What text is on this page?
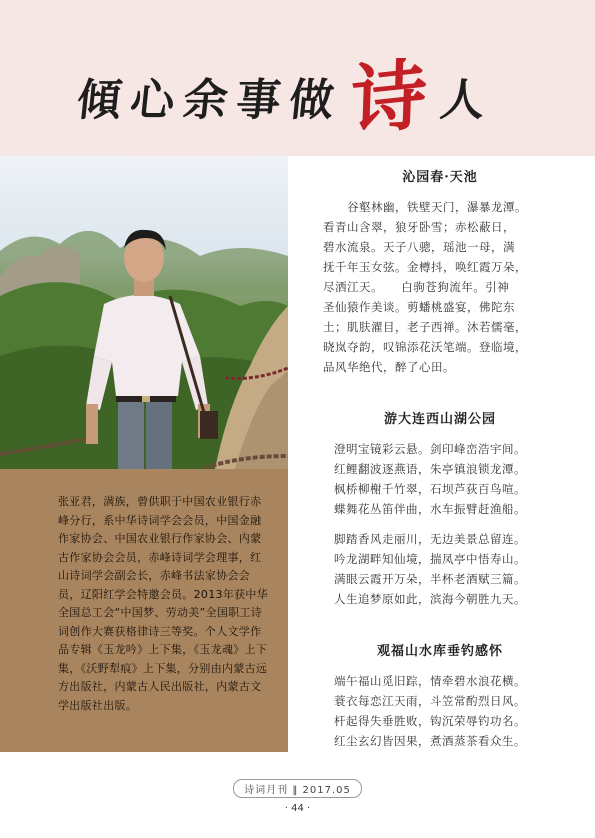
傾心余事做 诗 人

张亚君，满族，曾供职于中国农业银行赤峰分行，系中华诗词学会会员，中国金融作家协会、中国农业银行作家协会、内蒙古作家协会会员，赤峰诗词学会理事，红山诗词学会副会长，赤峰书法家协会会员，辽阳红学会特邀会员。2013年获中华全国总工会“中国梦、劳动美”全国职工诗词创作大赛获格律诗三等奖。个人文学作品专辑《玉龙吟》上下集，《玉龙魂》上下集，《沃野犁痕》上下集，分别由内蒙古远方出版社，内蒙古人民出版社，内蒙古文学出版社出版。

沁园春·天池
　　谷壑林幽，铁壁天门，瀑暴龙潭。
看青山含翠，狼牙卧雪；赤松蔽日，
碧水流泉。天子八骢，瑶池一母，满
抚千年玉女弦。金樽抖，唤红霞万朵，
尽洒江天。　　白驹苍狗流年。引神
圣仙猿作美谈。剪蟠桃盛宴，佛陀东
土；肌肤濯目，老子西禅。沐若儒毫，
晓岚夺韵，叹锦添花沃笔端。登临境，
品风华绝代，醉了心田。
游大连西山湖公园
澄明宝镜彩云悬。剑印峰峦浩宇间。
红鲤翻波逐燕语，朱亭镇浪锁龙潭。
枫桥柳榭千竹翠，石坝芦荻百鸟喧。
蝶舞花丛笛伴曲，水车振臂赶渔船。
脚踏香风走丽川，无边美景总留连。
吟龙湖畔知仙境，揣凤亭中悟寿山。
满眼云霞开万朵，半杯老酒赋三篇。
人生追梦原如此，滨海今朝胜九天。
观福山水库垂钓感怀
端午福山觅旧踪，情牵碧水浪花横。
蓑衣每恋江天雨，斗笠常酌烈日风。
杆起得失垂胜败，钩沉荣辱钓功名。
红尘玄幻皆因果，煮酒蒸茶看众生。
诗词月刊 ‖ 2017.05
· 44 ·
